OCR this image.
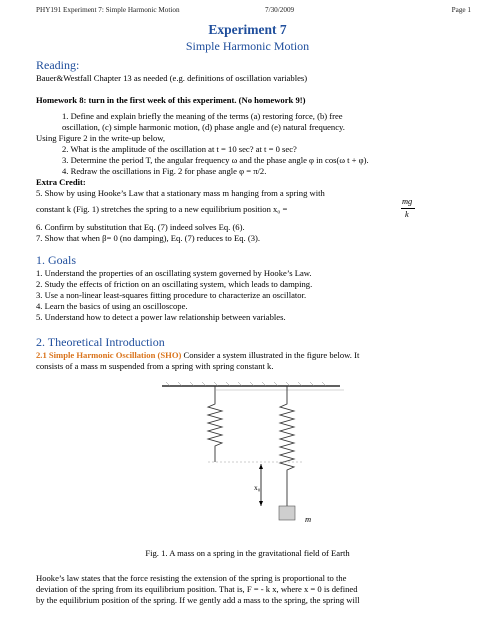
PHY191 Experiment 7: Simple Harmonic Motion	7/30/2009	Page 1
Experiment 7
Simple Harmonic Motion
Reading:
Bauer&Westfall Chapter 13 as needed (e.g. definitions of oscillation variables)
Homework 8: turn in the first week of this experiment. (No homework 9!)
1. Define and explain briefly the meaning of the terms (a) restoring force, (b) free
oscillation, (c) simple harmonic motion, (d) phase angle and (e) natural frequency.
Using Figure 2 in the write-up below,
2. What is the amplitude of the oscillation at t = 10 sec? at t = 0 sec?
3. Determine the period T, the angular frequency ω and the phase angle φ in cos(ω t + φ).
4. Redraw the oscillations in Fig. 2 for phase angle φ = π/2.
Extra Credit:
5. Show by using Hooke’s Law that a stationary mass m hanging from a spring with
constant k (Fig. 1) stretches the spring to a new equilibrium position x₀ =
mg
k
6. Confirm by substitution that Eq. (7) indeed solves Eq. (6).
7. Show that when β= 0 (no damping), Eq. (7) reduces to Eq. (3).
1. Goals
1. Understand the properties of an oscillating system governed by Hooke’s Law.
2. Study the effects of friction on an oscillating system, which leads to damping.
3. Use a non-linear least-squares fitting procedure to characterize an oscillator.
4. Learn the basics of using an oscilloscope.
5. Understand how to detect a power law relationship between variables.
2. Theoretical Introduction
2.1 Simple Harmonic Oscillation (SHO) Consider a system illustrated in the figure below. It
consists of a mass m suspended from a spring with spring constant k.
x₀
m
Fig. 1. A mass on a spring in the gravitational field of Earth
Hooke’s law states that the force resisting the extension of the spring is proportional to the
deviation of the spring from its equilibrium position. That is, F = - k x, where x = 0 is defined
by the equilibrium position of the spring. If we gently add a mass to the spring, the spring will
